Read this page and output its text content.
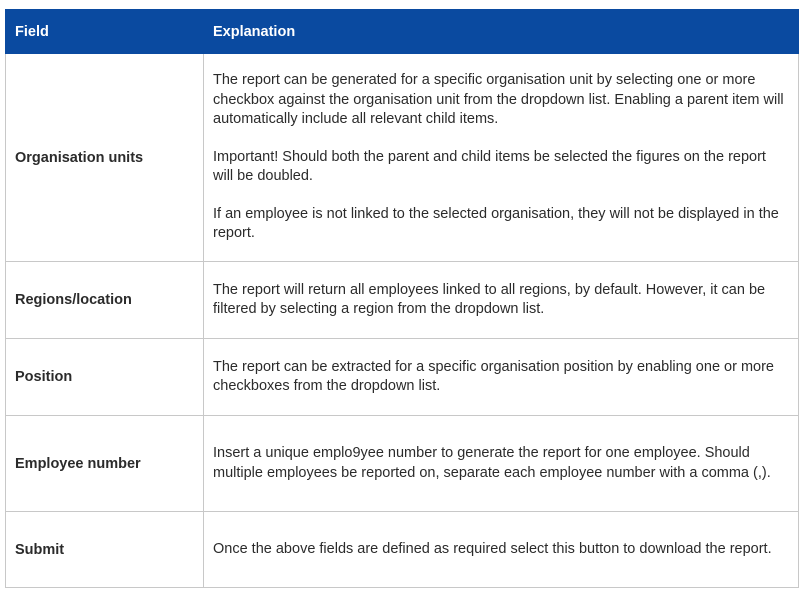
Field	Explanation
Organisation units	The report can be generated for a specific organisation unit by selecting one or more checkbox against the organisation unit from the dropdown list. Enabling a parent item will automatically include all relevant child items.

Important! Should both the parent and child items be selected the figures on the report will be doubled.

If an employee is not linked to the selected organisation, they will not be displayed in the report.

Regions/location	The report will return all employees linked to all regions, by default. However, it can be filtered by selecting a region from the dropdown list.

Position	The report can be extracted for a specific organisation position by enabling one or more checkboxes from the dropdown list.

Employee number	Insert a unique emplo9yee number to generate the report for one employee. Should multiple employees be reported on, separate each employee number with a comma (,).

Submit	Once the above fields are defined as required select this button to download the report.
